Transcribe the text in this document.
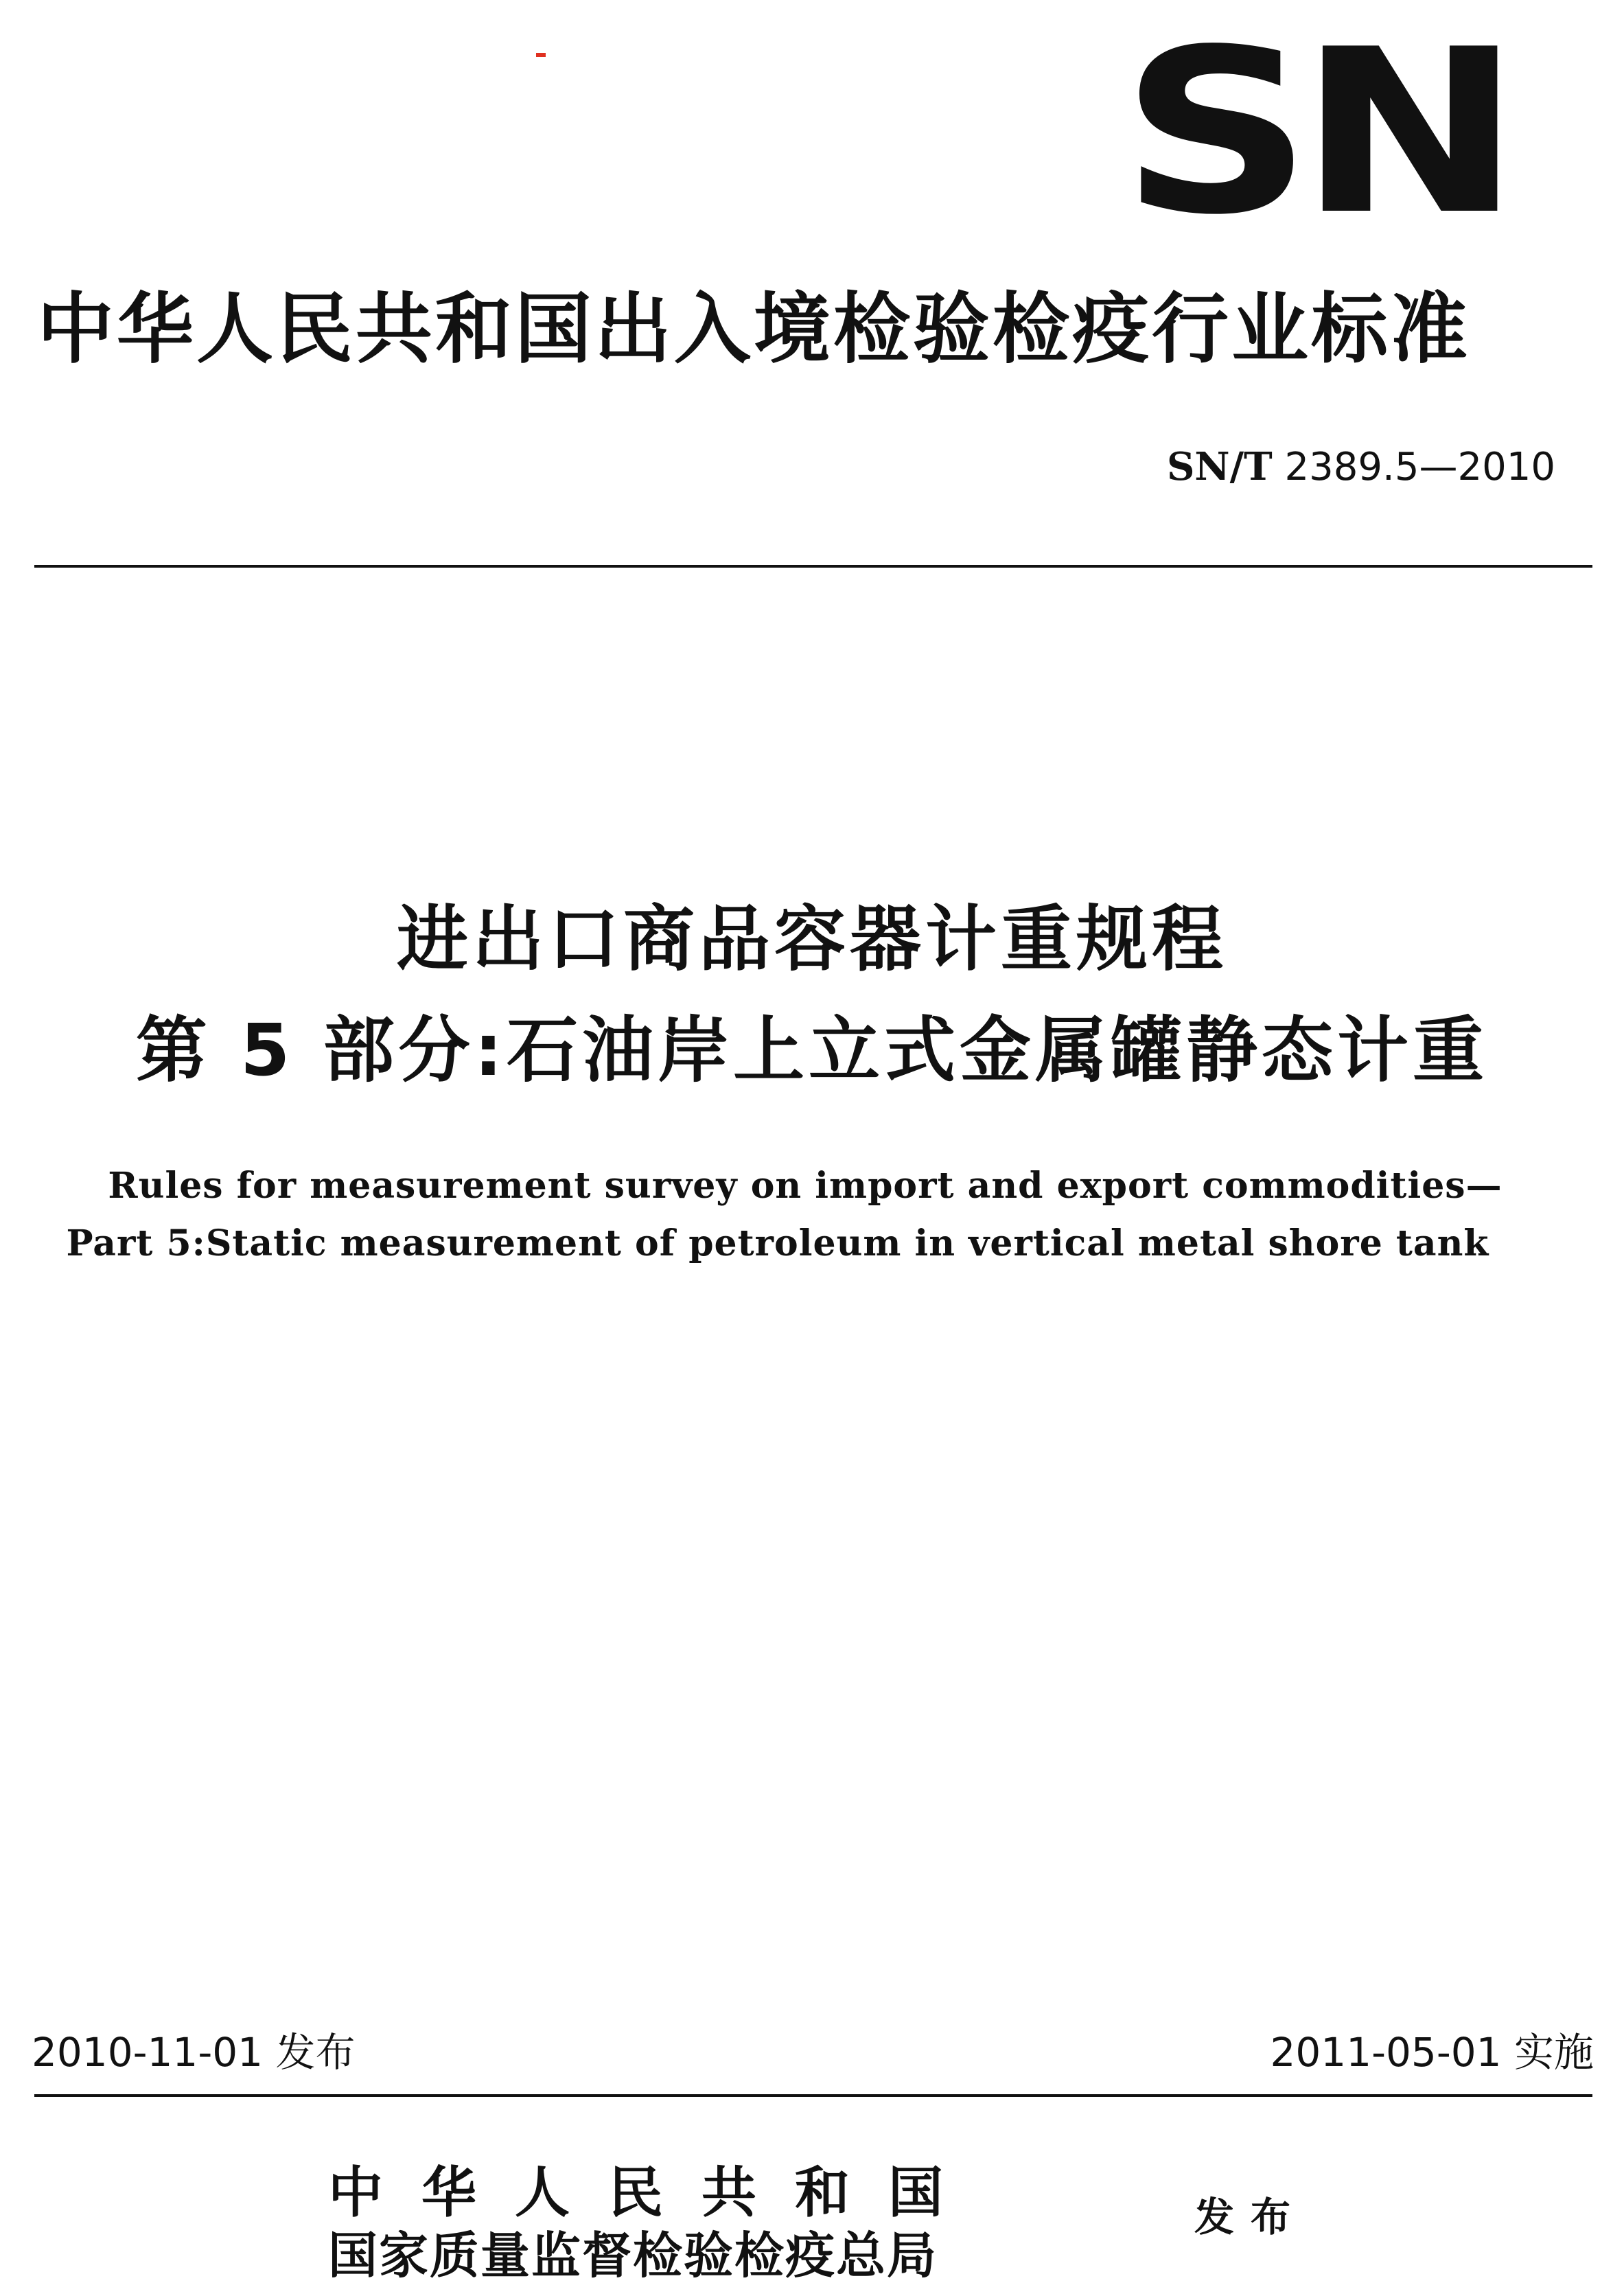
SN
中华人民共和国出入境检验检疫行业标准
SN/T 2389.5—2010
进出口商品容器计重规程
第 5 部分:石油岸上立式金属罐静态计重
Rules for measurement survey on import and export commodities—
Part 5:Static measurement of petroleum in vertical metal shore tank
2010-11-01 发布	2011-05-01 实施
中华人民共和国
国家质量监督检验检疫总局
发布
